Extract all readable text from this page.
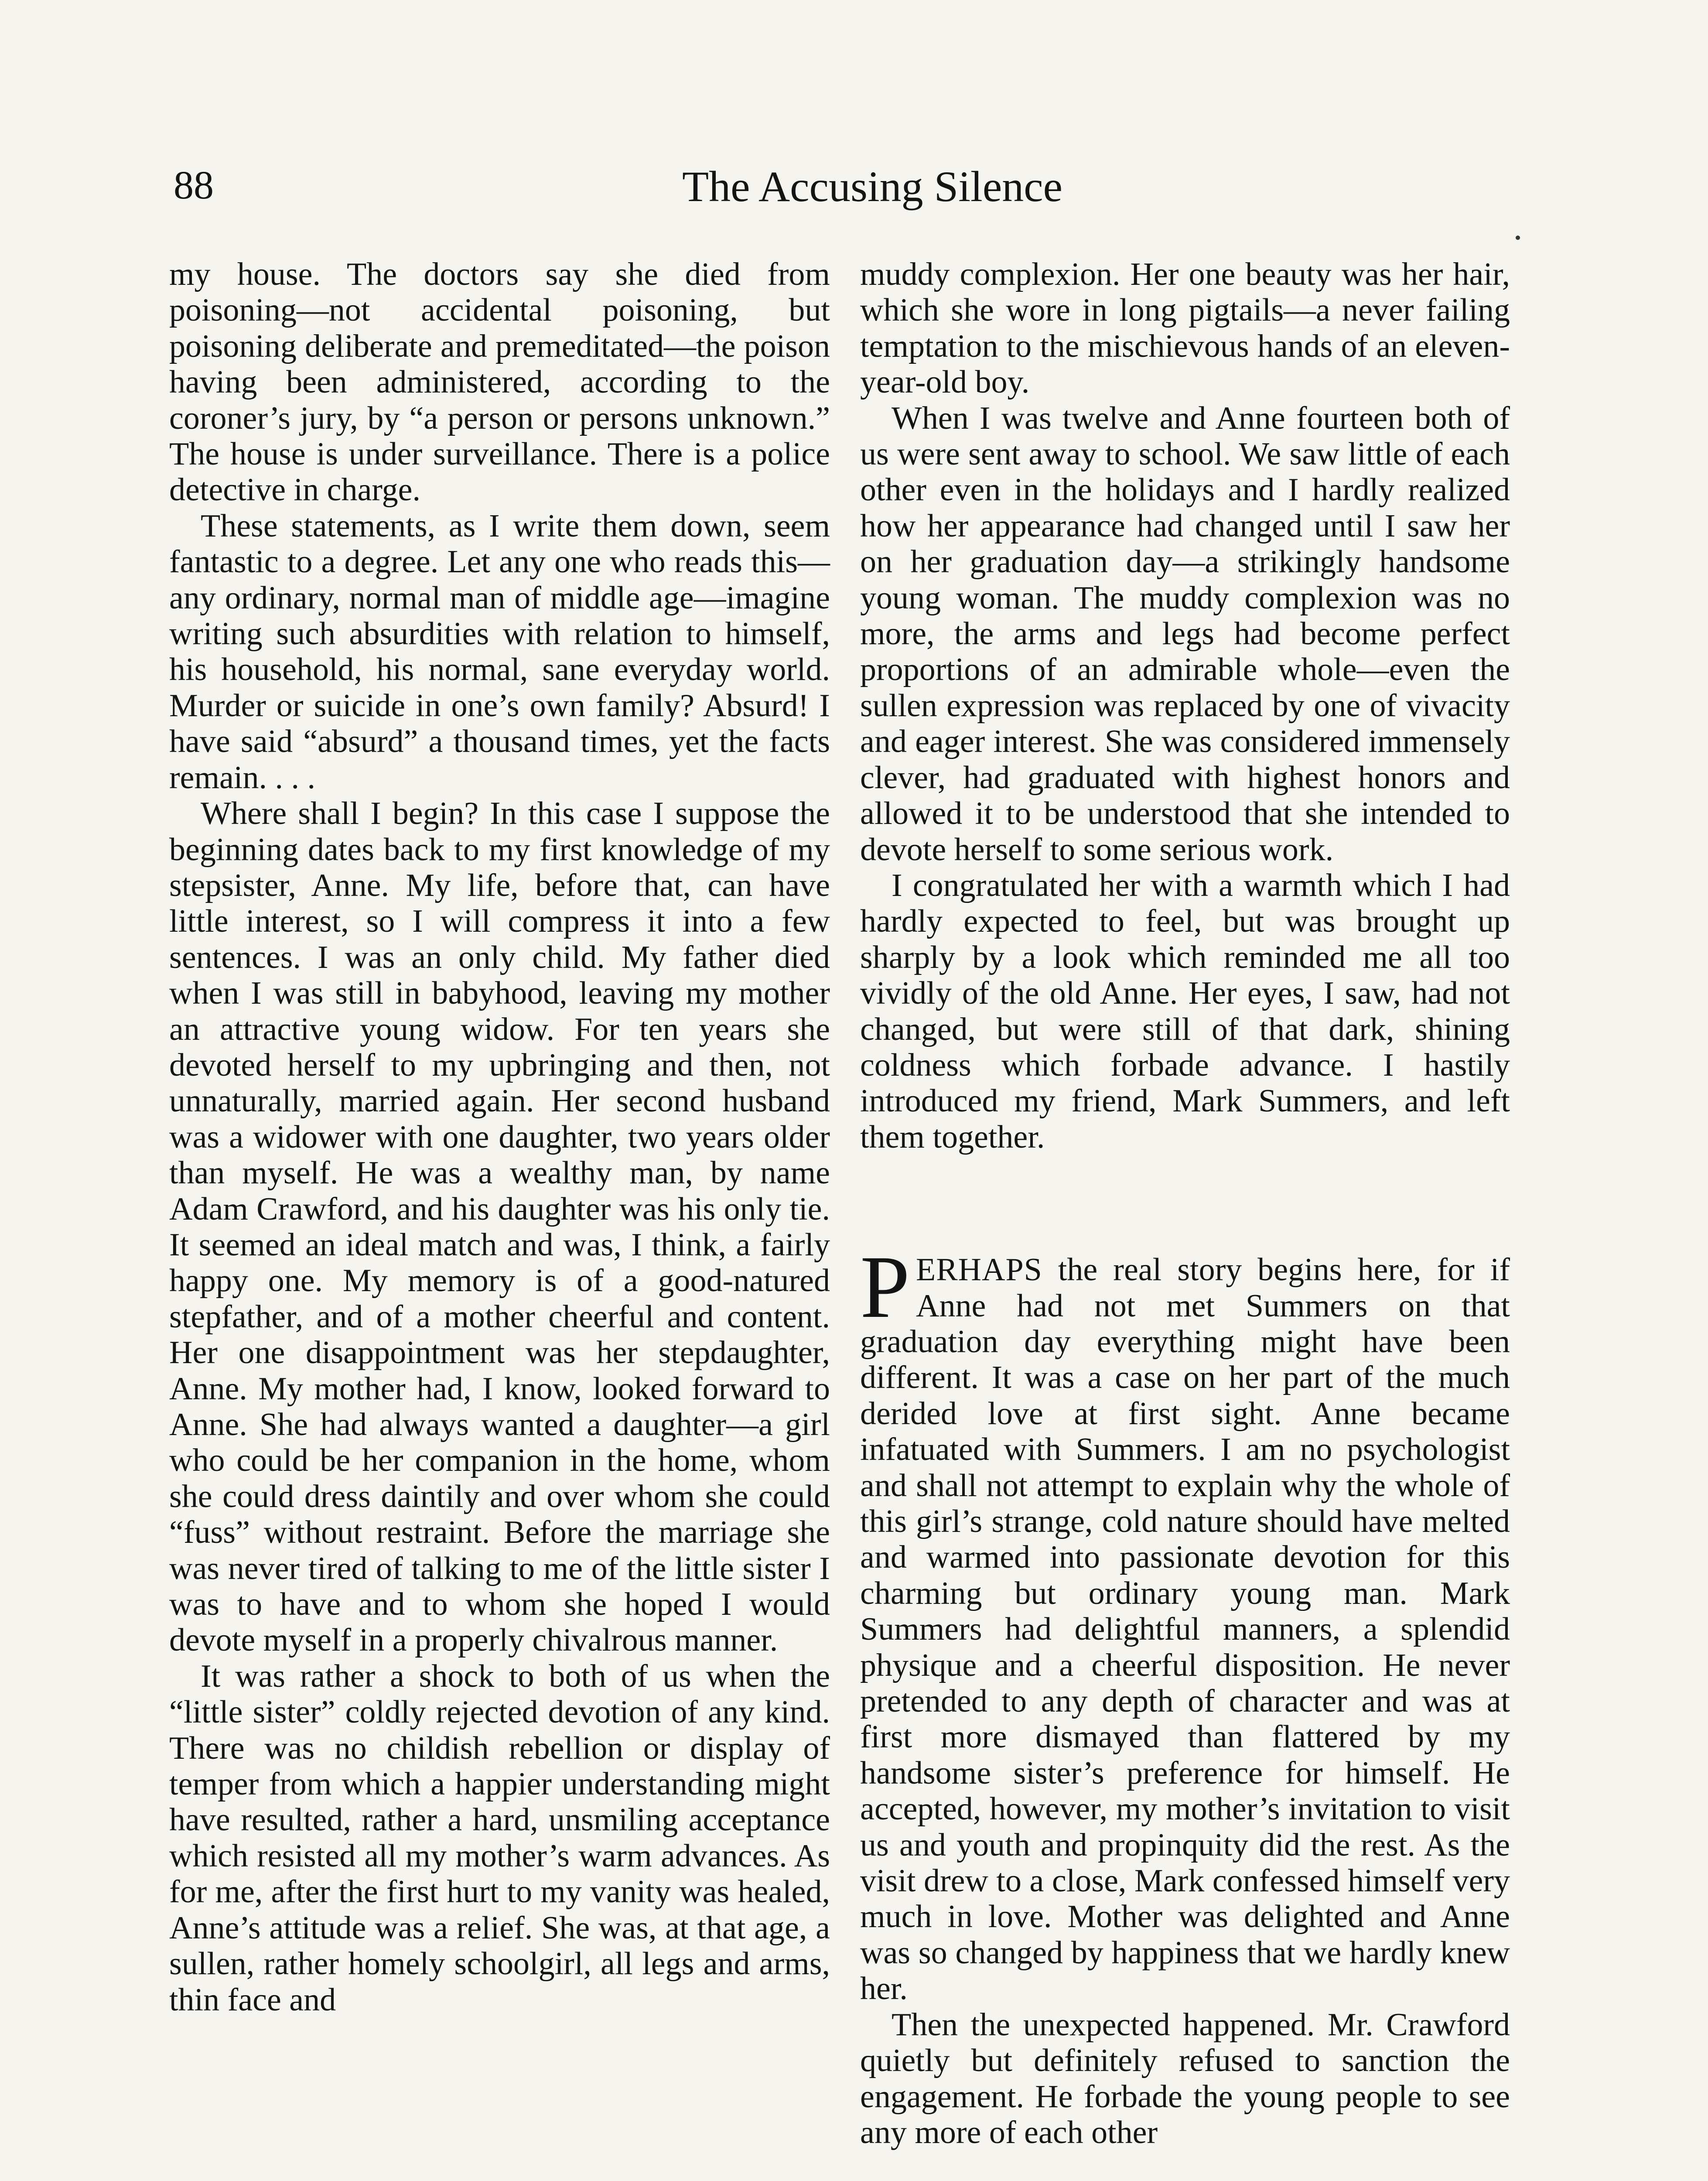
88	The Accusing Silence

my house. The doctors say she died from poisoning—not accidental poisoning, but poisoning deliberate and premeditated—the poison having been administered, according to the coroner’s jury, by “a person or persons unknown.” The house is under surveillance. There is a police detective in charge.

These statements, as I write them down, seem fantastic to a degree. Let any one who reads this—any ordinary, normal man of middle age—imagine writing such absurdities with relation to himself, his household, his normal, sane everyday world. Murder or suicide in one’s own family? Absurd! I have said “absurd” a thousand times, yet the facts remain. . . .

Where shall I begin? In this case I suppose the beginning dates back to my first knowledge of my stepsister, Anne. My life, before that, can have little interest, so I will compress it into a few sentences. I was an only child. My father died when I was still in babyhood, leaving my mother an attractive young widow. For ten years she devoted herself to my upbringing and then, not unnaturally, married again. Her second husband was a widower with one daughter, two years older than myself. He was a wealthy man, by name Adam Crawford, and his daughter was his only tie. It seemed an ideal match and was, I think, a fairly happy one. My memory is of a good-natured stepfather, and of a mother cheerful and content. Her one disappointment was her stepdaughter, Anne. My mother had, I know, looked forward to Anne. She had always wanted a daughter—a girl who could be her companion in the home, whom she could dress daintily and over whom she could “fuss” without restraint. Before the marriage she was never tired of talking to me of the little sister I was to have and to whom she hoped I would devote myself in a properly chivalrous manner.

It was rather a shock to both of us when the “little sister” coldly rejected devotion of any kind. There was no childish rebellion or display of temper from which a happier understanding might have resulted, rather a hard, unsmiling acceptance which resisted all my mother’s warm advances. As for me, after the first hurt to my vanity was healed, Anne’s attitude was a relief. She was, at that age, a sullen, rather homely schoolgirl, all legs and arms, thin face and

muddy complexion. Her one beauty was her hair, which she wore in long pigtails—a never failing temptation to the mischievous hands of an eleven-year-old boy.

When I was twelve and Anne fourteen both of us were sent away to school. We saw little of each other even in the holidays and I hardly realized how her appearance had changed until I saw her on her graduation day—a strikingly handsome young woman. The muddy complexion was no more, the arms and legs had become perfect proportions of an admirable whole—even the sullen expression was replaced by one of vivacity and eager interest. She was considered immensely clever, had graduated with highest honors and allowed it to be understood that she intended to devote herself to some serious work.

I congratulated her with a warmth which I had hardly expected to feel, but was brought up sharply by a look which reminded me all too vividly of the old Anne. Her eyes, I saw, had not changed, but were still of that dark, shining coldness which forbade advance. I hastily introduced my friend, Mark Summers, and left them together.

PERHAPS the real story begins here, for if Anne had not met Summers on that graduation day everything might have been different. It was a case on her part of the much derided love at first sight. Anne became infatuated with Summers. I am no psychologist and shall not attempt to explain why the whole of this girl’s strange, cold nature should have melted and warmed into passionate devotion for this charming but ordinary young man. Mark Summers had delightful manners, a splendid physique and a cheerful disposition. He never pretended to any depth of character and was at first more dismayed than flattered by my handsome sister’s preference for himself. He accepted, however, my mother’s invitation to visit us and youth and propinquity did the rest. As the visit drew to a close, Mark confessed himself very much in love. Mother was delighted and Anne was so changed by happiness that we hardly knew her.

Then the unexpected happened. Mr. Crawford quietly but definitely refused to sanction the engagement. He forbade the young people to see any more of each other
